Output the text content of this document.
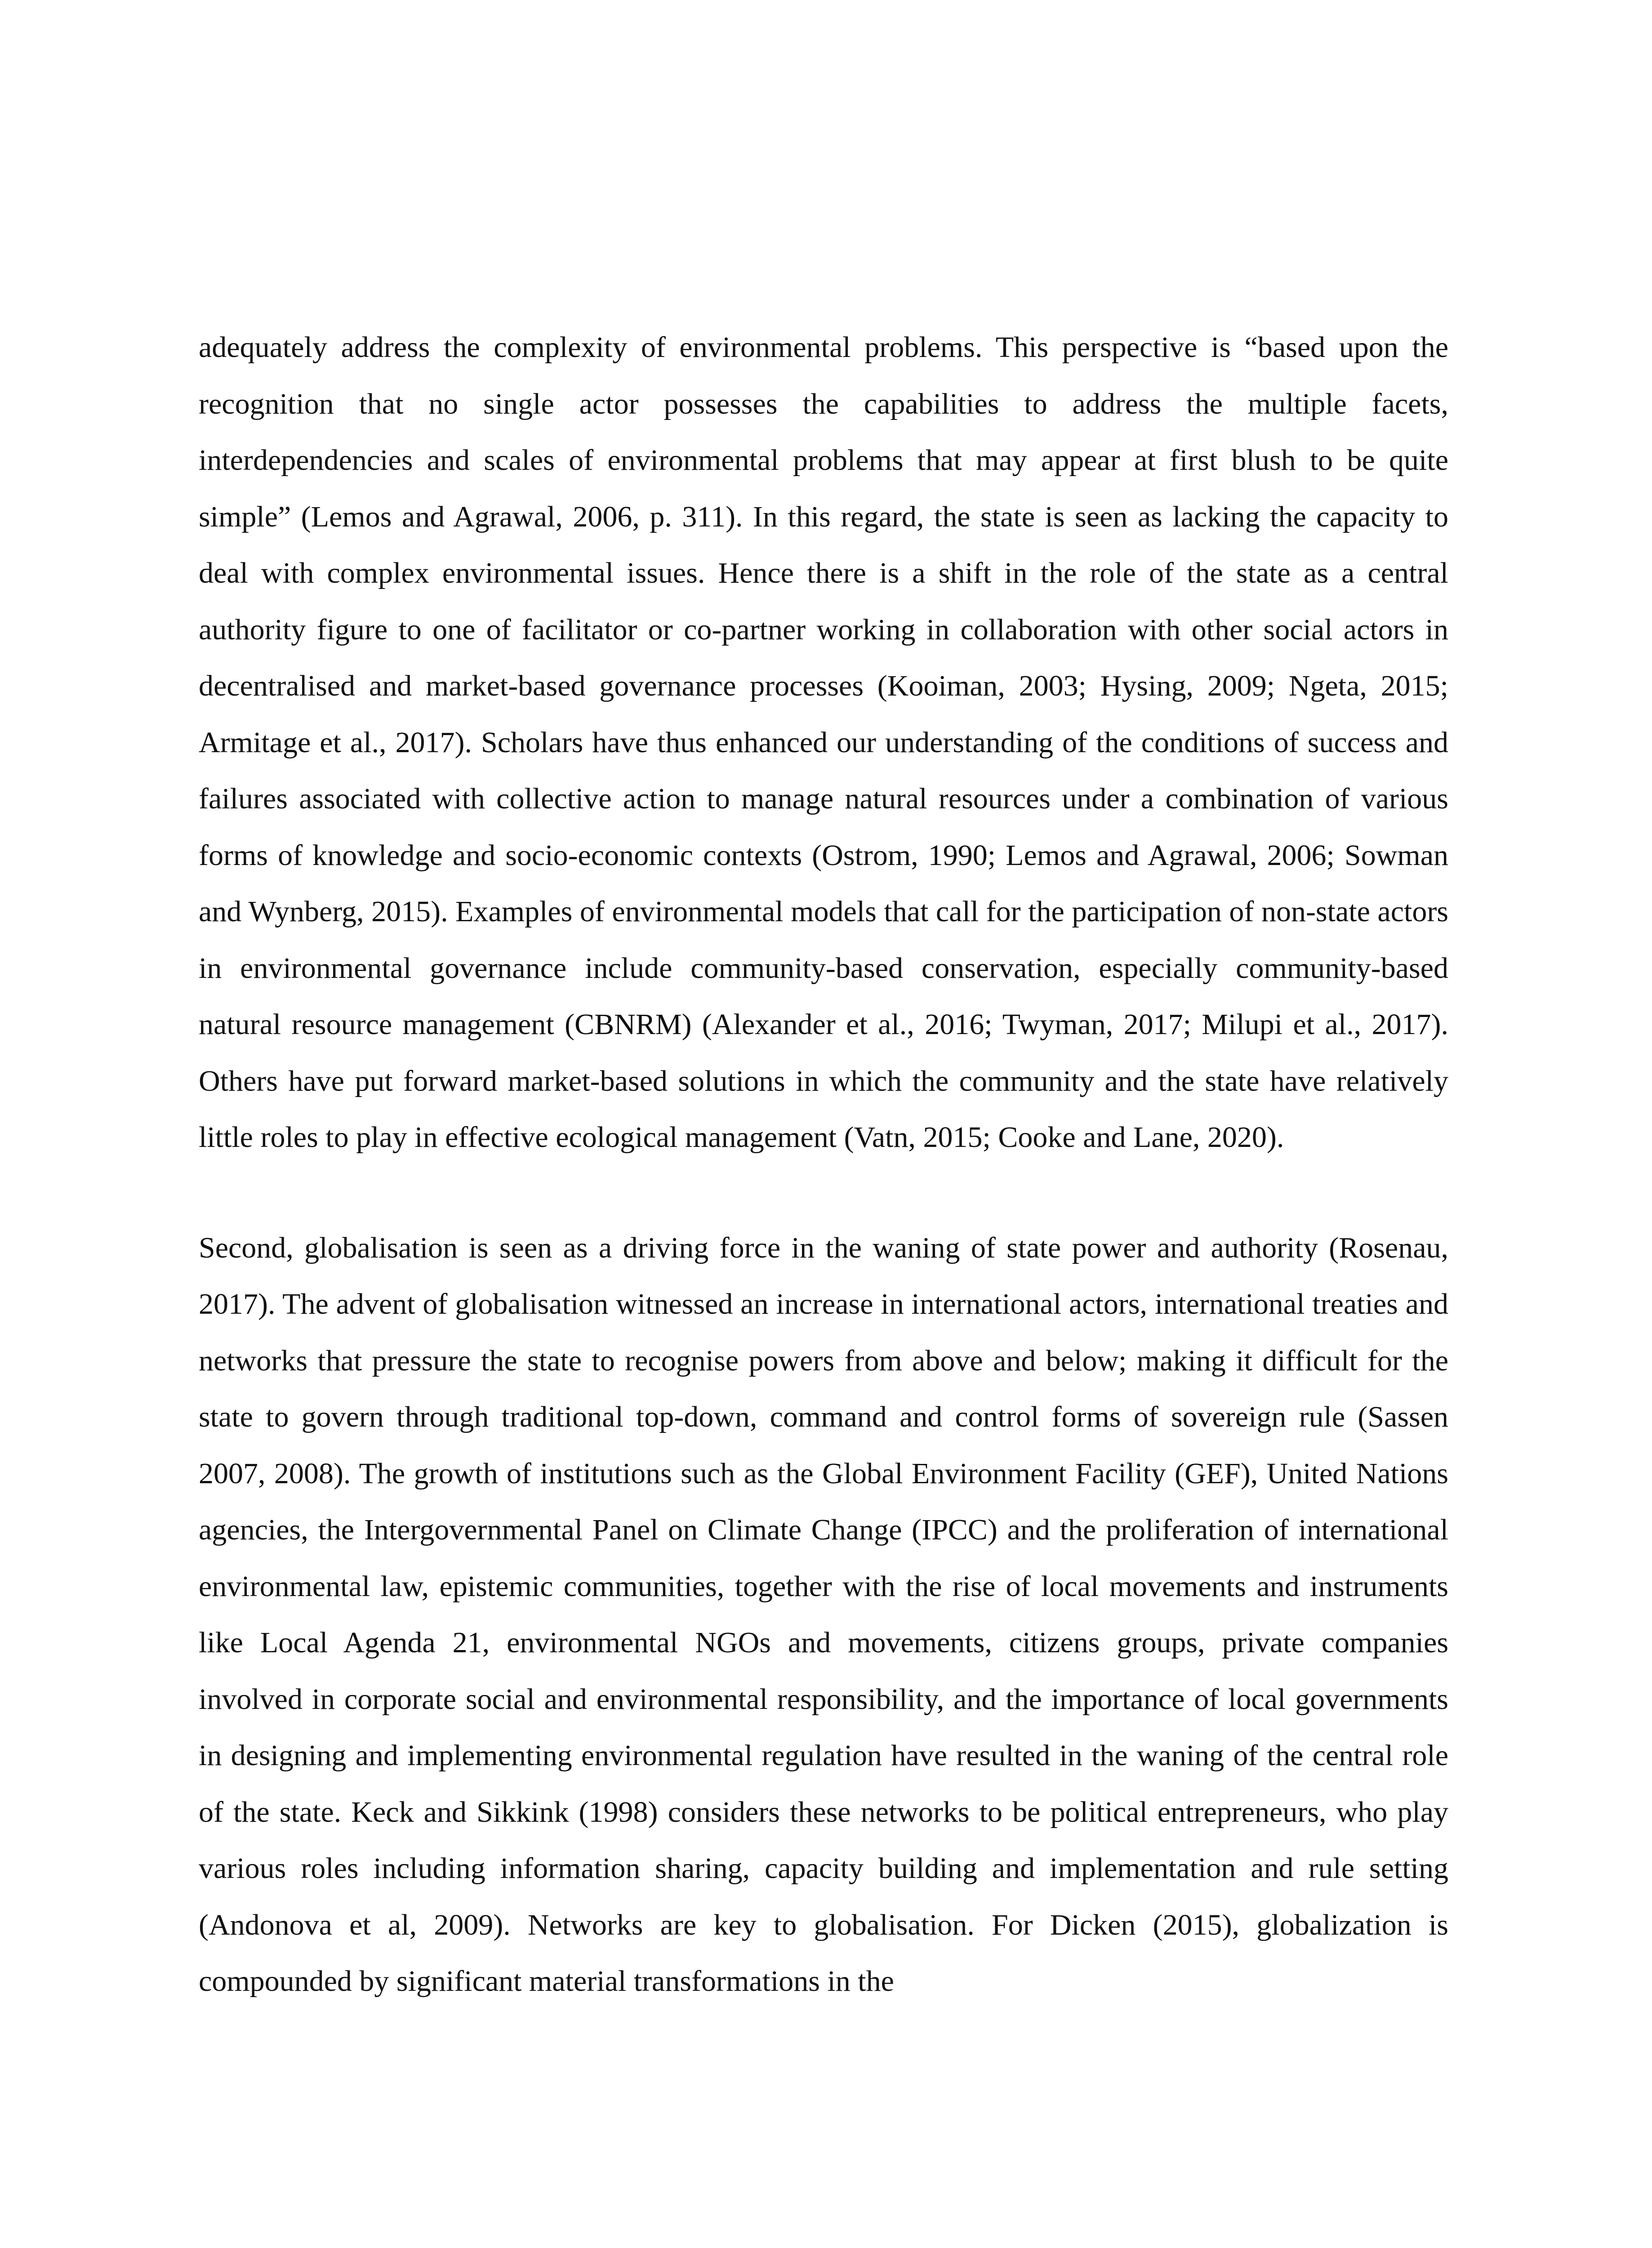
adequately address the complexity of environmental problems. This perspective is “based upon the recognition that no single actor possesses the capabilities to address the multiple facets, interdependencies and scales of environmental problems that may appear at first blush to be quite simple” (Lemos and Agrawal, 2006, p. 311). In this regard, the state is seen as lacking the capacity to deal with complex environmental issues. Hence there is a shift in the role of the state as a central authority figure to one of facilitator or co-partner working in collaboration with other social actors in decentralised and market-based governance processes (Kooiman, 2003; Hysing, 2009; Ngeta, 2015; Armitage et al., 2017). Scholars have thus enhanced our understanding of the conditions of success and failures associated with collective action to manage natural resources under a combination of various forms of knowledge and socio-economic contexts (Ostrom, 1990; Lemos and Agrawal, 2006; Sowman and Wynberg, 2015). Examples of environmental models that call for the participation of non-state actors in environmental governance include community-based conservation, especially community-based natural resource management (CBNRM) (Alexander et al., 2016; Twyman, 2017; Milupi et al., 2017). Others have put forward market-based solutions in which the community and the state have relatively little roles to play in effective ecological management (Vatn, 2015; Cooke and Lane, 2020).

Second, globalisation is seen as a driving force in the waning of state power and authority (Rosenau, 2017). The advent of globalisation witnessed an increase in international actors, international treaties and networks that pressure the state to recognise powers from above and below; making it difficult for the state to govern through traditional top-down, command and control forms of sovereign rule (Sassen 2007, 2008). The growth of institutions such as the Global Environment Facility (GEF), United Nations agencies, the Intergovernmental Panel on Climate Change (IPCC) and the proliferation of international environmental law, epistemic communities, together with the rise of local movements and instruments like Local Agenda 21, environmental NGOs and movements, citizens groups, private companies involved in corporate social and environmental responsibility, and the importance of local governments in designing and implementing environmental regulation have resulted in the waning of the central role of the state. Keck and Sikkink (1998) considers these networks to be political entrepreneurs, who play various roles including information sharing, capacity building and implementation and rule setting (Andonova et al, 2009). Networks are key to globalisation. For Dicken (2015), globalization is compounded by significant material transformations in the
